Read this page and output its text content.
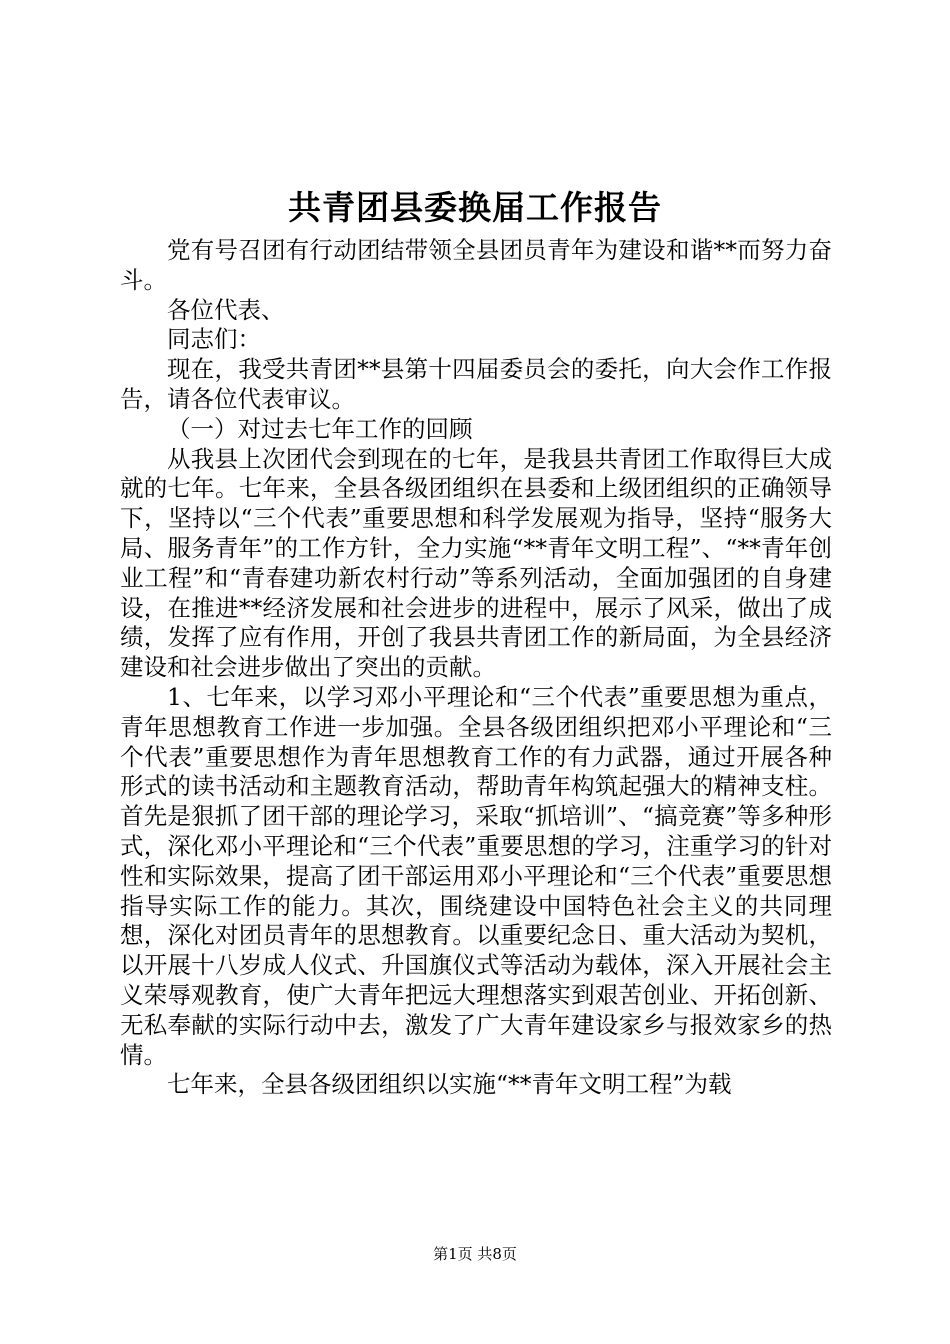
共青团县委换届工作报告

党有号召团有行动团结带领全县团员青年为建设和谐**而努力奋斗。

各位代表、

同志们：

现在，我受共青团**县第十四届委员会的委托，向大会作工作报告，请各位代表审议。

（一）对过去七年工作的回顾

从我县上次团代会到现在的七年，是我县共青团工作取得巨大成就的七年。七年来，全县各级团组织在县委和上级团组织的正确领导下，坚持以“三个代表”重要思想和科学发展观为指导，坚持“服务大局、服务青年”的工作方针，全力实施“**青年文明工程”、“**青年创业工程”和“青春建功新农村行动”等系列活动，全面加强团的自身建设，在推进**经济发展和社会进步的进程中，展示了风采，做出了成绩，发挥了应有作用，开创了我县共青团工作的新局面，为全县经济建设和社会进步做出了突出的贡献。

1、七年来，以学习邓小平理论和“三个代表”重要思想为重点，青年思想教育工作进一步加强。全县各级团组织把邓小平理论和“三个代表”重要思想作为青年思想教育工作的有力武器，通过开展各种形式的读书活动和主题教育活动，帮助青年构筑起强大的精神支柱。首先是狠抓了团干部的理论学习，采取“抓培训”、“搞竞赛”等多种形式，深化邓小平理论和“三个代表”重要思想的学习，注重学习的针对性和实际效果，提高了团干部运用邓小平理论和“三个代表”重要思想指导实际工作的能力。其次，围绕建设中国特色社会主义的共同理想，深化对团员青年的思想教育。以重要纪念日、重大活动为契机，以开展十八岁成人仪式、升国旗仪式等活动为载体，深入开展社会主义荣辱观教育，使广大青年把远大理想落实到艰苦创业、开拓创新、无私奉献的实际行动中去，激发了广大青年建设家乡与报效家乡的热情。

七年来，全县各级团组织以实施“**青年文明工程”为载

第1页 共8页
